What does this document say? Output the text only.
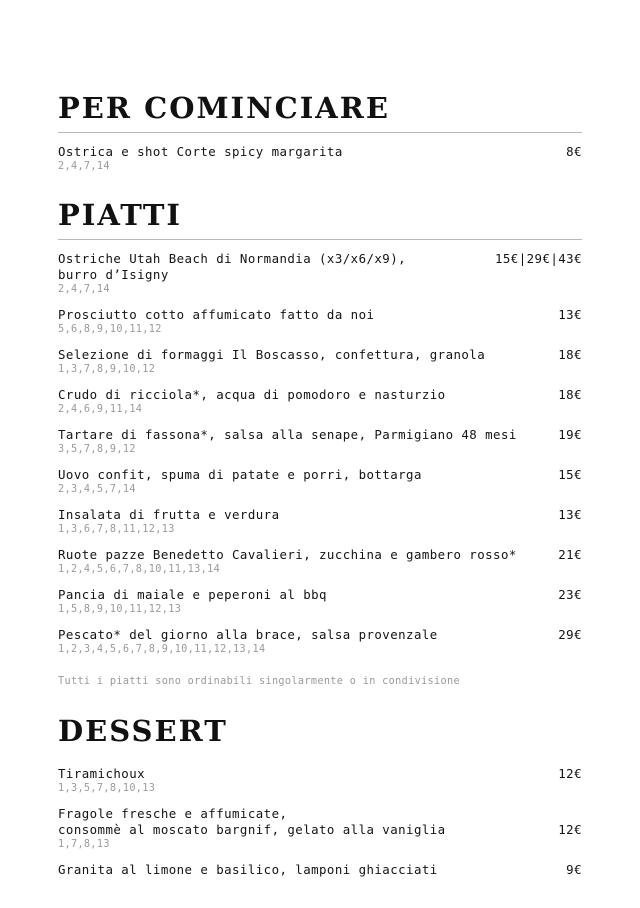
PER COMINCIARE
Ostrica e shot Corte spicy margarita	8€
2,4,7,14
PIATTI
Ostriche Utah Beach di Normandia (x3/x6/x9),	15€|29€|43€
burro d’Isigny
2,4,7,14
Prosciutto cotto affumicato fatto da noi	13€
5,6,8,9,10,11,12
Selezione di formaggi Il Boscasso, confettura, granola	18€
1,3,7,8,9,10,12
Crudo di ricciola*, acqua di pomodoro e nasturzio	18€
2,4,6,9,11,14
Tartare di fassona*, salsa alla senape, Parmigiano 48 mesi	19€
3,5,7,8,9,12
Uovo confit, spuma di patate e porri, bottarga	15€
2,3,4,5,7,14
Insalata di frutta e verdura	13€
1,3,6,7,8,11,12,13
Ruote pazze Benedetto Cavalieri, zucchina e gambero rosso*	21€
1,2,4,5,6,7,8,10,11,13,14
Pancia di maiale e peperoni al bbq	23€
1,5,8,9,10,11,12,13
Pescato* del giorno alla brace, salsa provenzale	29€
1,2,3,4,5,6,7,8,9,10,11,12,13,14
Tutti i piatti sono ordinabili singolarmente o in condivisione
DESSERT
Tiramichoux	12€
1,3,5,7,8,10,13
Fragole fresche e affumicate,
consommè al moscato bargnif, gelato alla vaniglia	12€
1,7,8,13
Granita al limone e basilico, lamponi ghiacciati	9€
